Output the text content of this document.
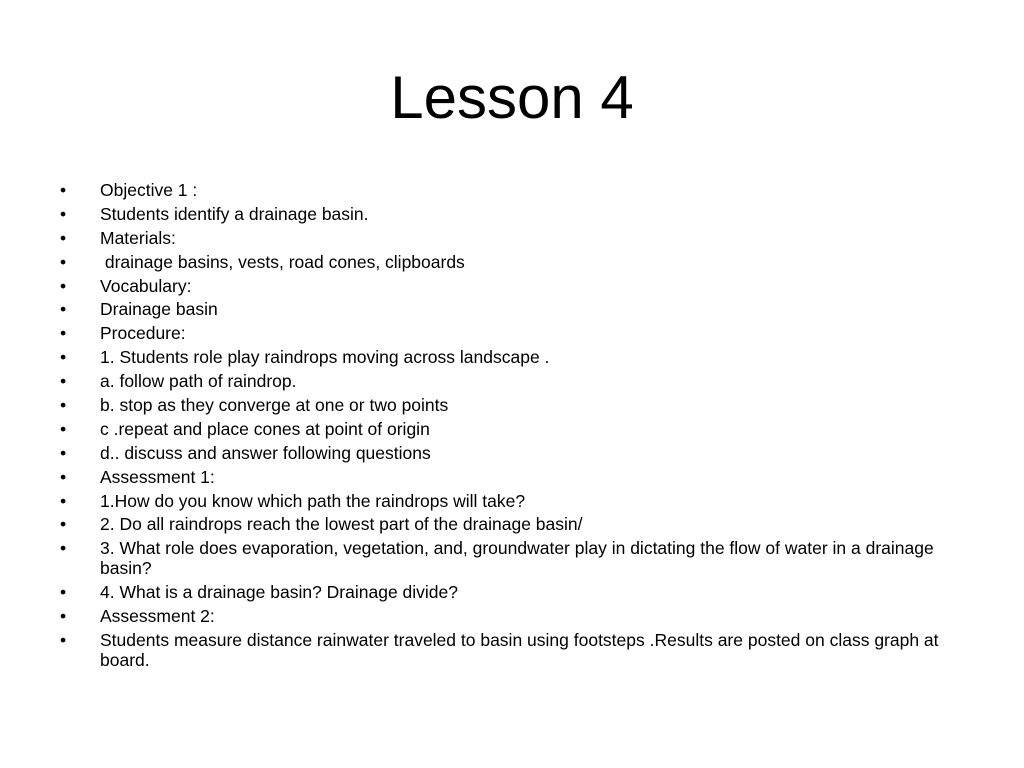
Lesson 4
•	Objective 1 :
•	Students identify a drainage basin.
•	Materials:
•	drainage basins, vests, road cones, clipboards
•	Vocabulary:
•	Drainage basin
•	Procedure:
•	1. Students role play raindrops moving across landscape .
•	a. follow path of raindrop.
•	b. stop as they converge at one or two points
•	c .repeat and place cones at point of origin
•	d.. discuss and answer following questions
•	Assessment 1:
•	1.How do you know which path the raindrops will take?
•	2. Do all raindrops reach the lowest part of the drainage basin/
•	3. What role does evaporation, vegetation, and, groundwater play in dictating the flow of water in a drainage basin?
•	4. What is a drainage basin? Drainage divide?
•	Assessment 2:
•	Students measure distance rainwater traveled to basin using footsteps .Results are posted on class graph at board.
